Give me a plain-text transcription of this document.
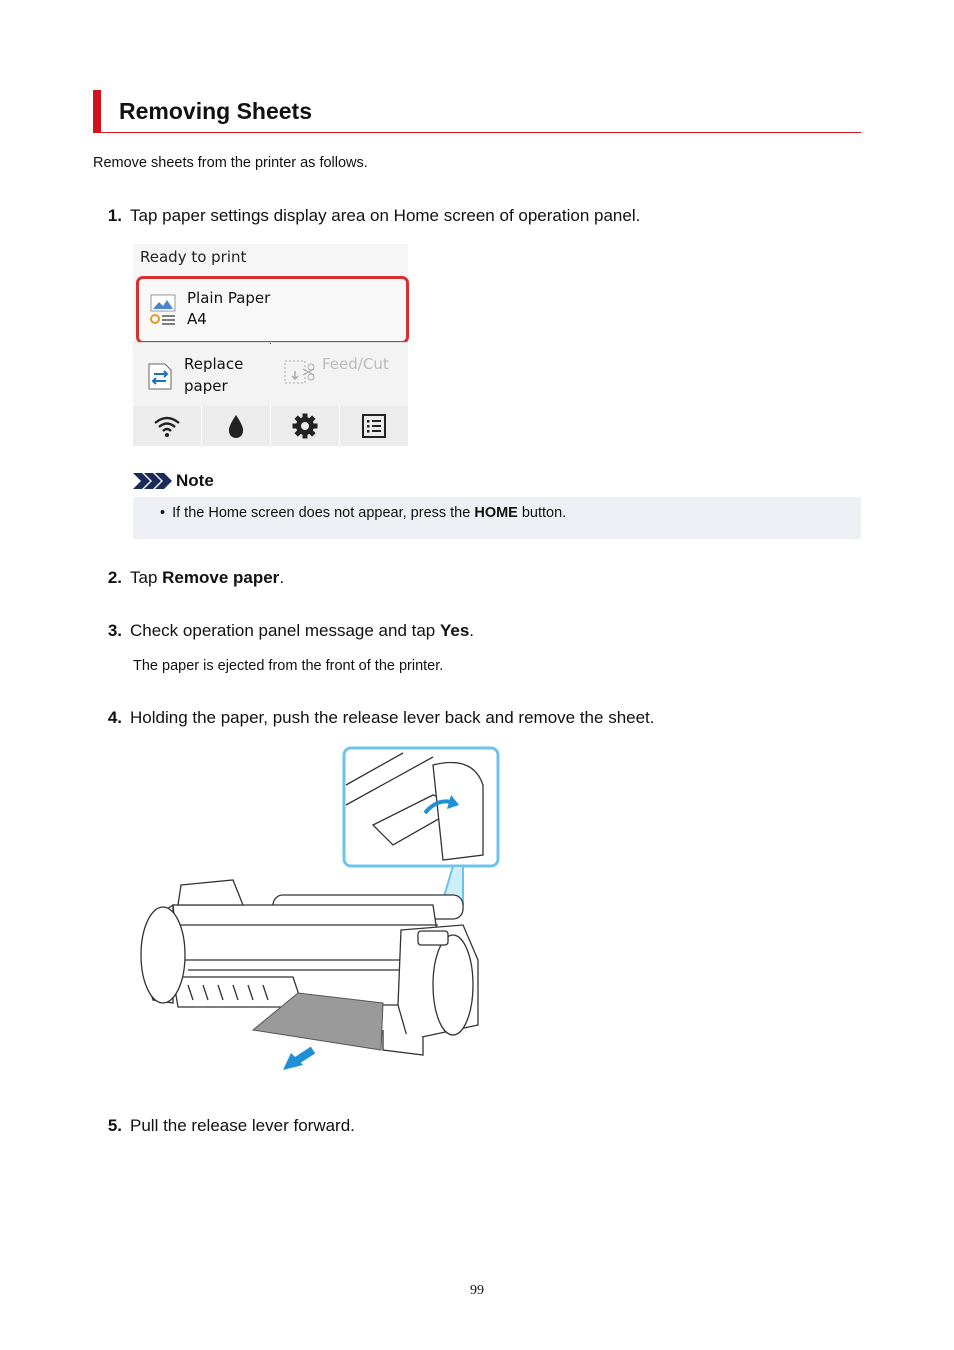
Removing Sheets
Remove sheets from the printer as follows.
1. Tap paper settings display area on Home screen of operation panel.
Ready to print
Plain Paper
A4
Replace
paper
Feed/Cut
Note
• If the Home screen does not appear, press the HOME button.
2. Tap Remove paper.
3. Check operation panel message and tap Yes.
The paper is ejected from the front of the printer.
4. Holding the paper, push the release lever back and remove the sheet.
5. Pull the release lever forward.
99
